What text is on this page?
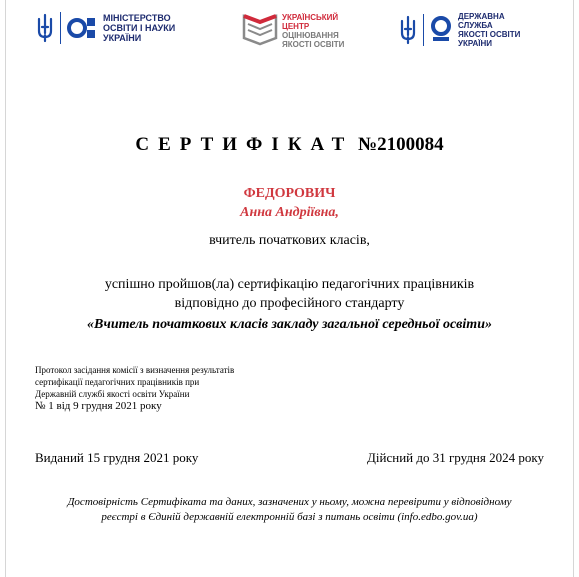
МІНІСТЕРСТВО
ОСВІТИ І НАУКИ
УКРАЇНИ
УКРАЇНСЬКИЙ
ЦЕНТР
ОЦІНЮВАННЯ
ЯКОСТІ ОСВІТИ
ДЕРЖАВНА
СЛУЖБА
ЯКОСТІ ОСВІТИ
УКРАЇНИ
СЕРТИФІКАТ №2100084
ФЕДОРОВИЧ
Анна Андріївна,
вчитель початкових класів,
успішно пройшов(ла) сертифікацію педагогічних працівників
відповідно до професійного стандарту
«Вчитель початкових класів закладу загальної середньої освіти»
Протокол засідання комісії з визначення результатів
сертифікації педагогічних працівників при
Державній службі якості освіти України
№ 1 від 9 грудня 2021 року
Виданий 15 грудня 2021 року	Дійсний до 31 грудня 2024 року
Достовірність Сертифіката та даних, зазначених у ньому, можна перевірити у відповідному
реєстрі в Єдиній державній електронній базі з питань освіти (info.edbo.gov.ua)
